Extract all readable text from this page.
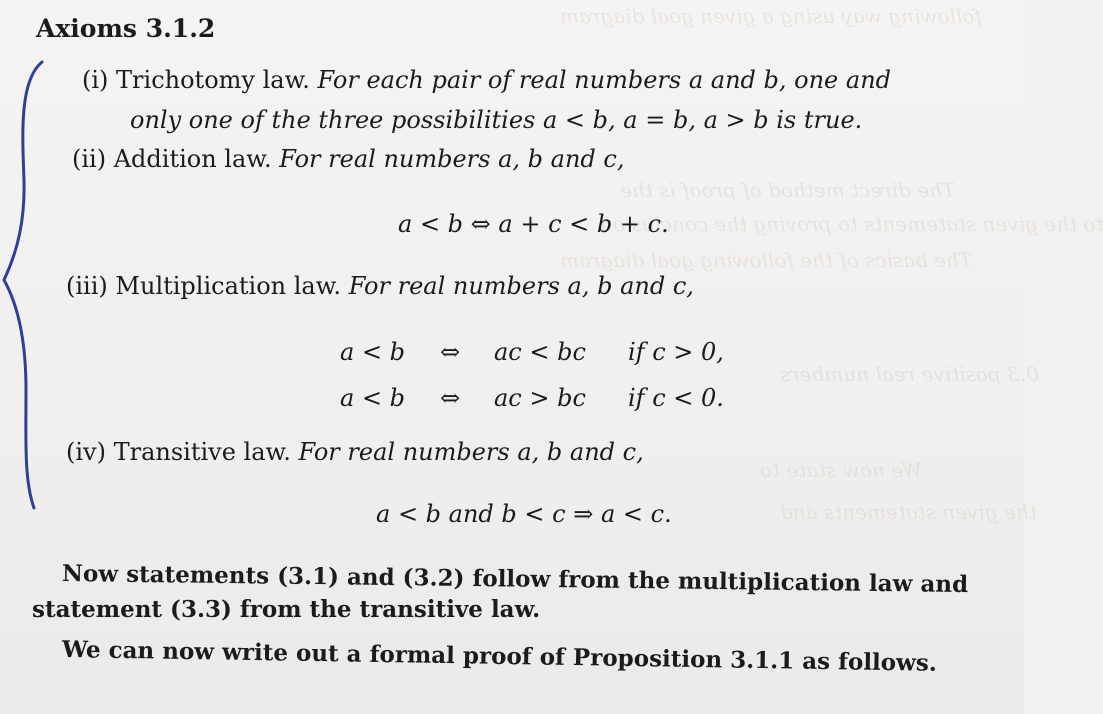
following way using a given goal diagram
The direct method of proof is the
to the given statements to proving the conclusion
The basics of the following goal diagram
0.3 positive real numbers
We now state to
the given statements and
Axioms 3.1.2
(i) Trichotomy law. For each pair of real numbers a and b, one and
only one of the three possibilities a < b, a = b, a > b is true.
(ii) Addition law. For real numbers a, b and c,
a < b ⇔ a + c < b + c.
(iii) Multiplication law. For real numbers a, b and c,
a < b ⇔ ac < bc if c > 0,
a < b ⇔ ac > bc if c < 0.
(iv) Transitive law. For real numbers a, b and c,
a < b and b < c ⇒ a < c.
Now statements (3.1) and (3.2) follow from the multiplication law and
statement (3.3) from the transitive law.
We can now write out a formal proof of Proposition 3.1.1 as follows.
